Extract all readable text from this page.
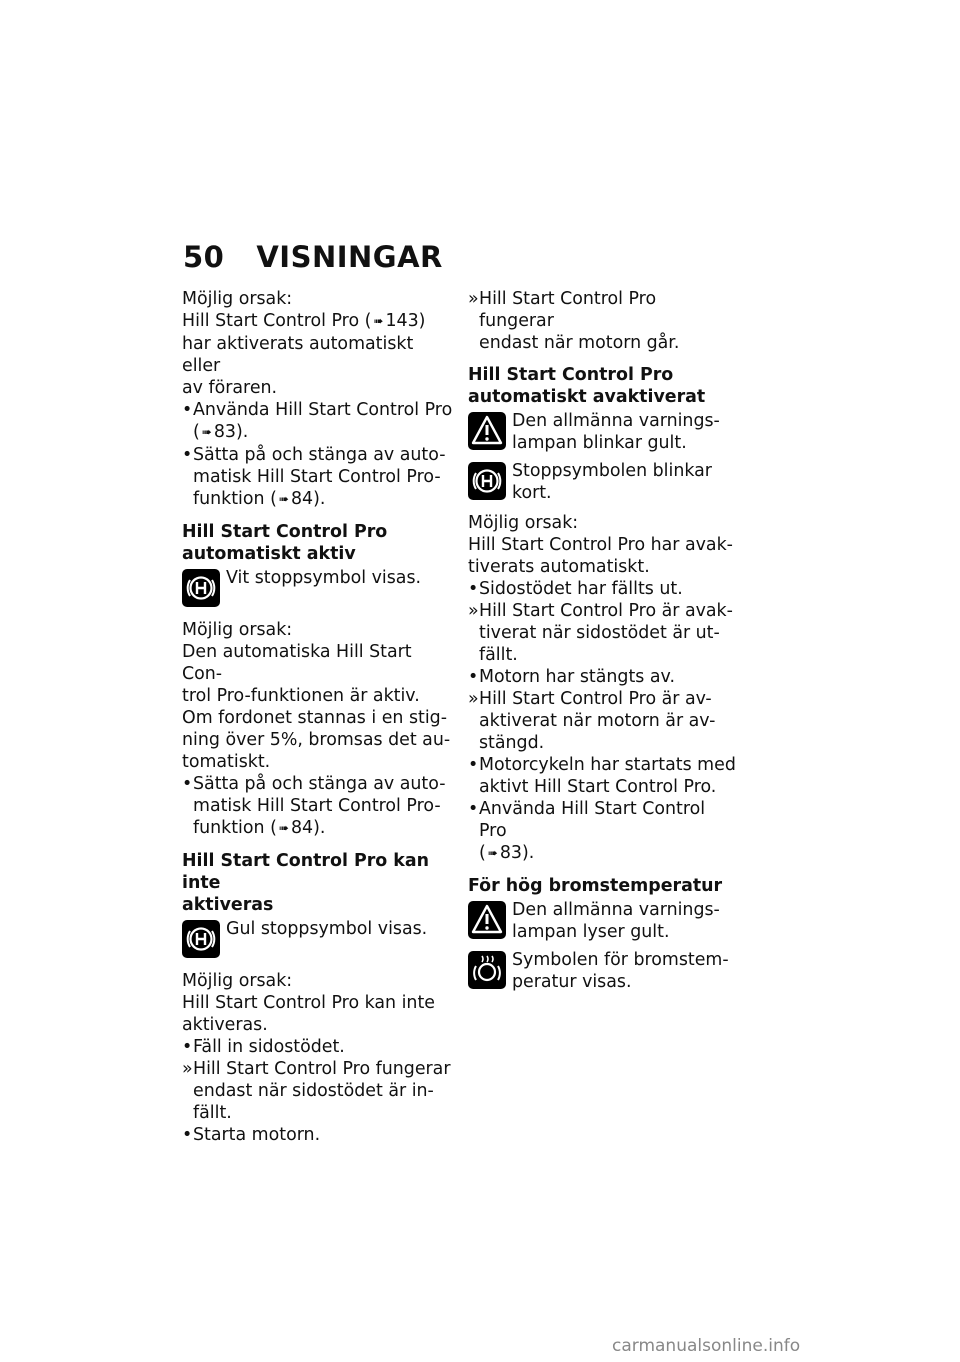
50 VISNINGAR

Möjlig orsak:

Hill Start Control Pro ( ➠ 143)
har aktiverats automatiskt eller
av föraren.

•Använda Hill Start Control Pro
( ➠ 83).

•Sätta på och stänga av auto-
matisk Hill Start Control Pro-
funktion ( ➠ 84).

Hill Start Control Pro
automatiskt aktiv

Vit stoppsymbol visas.

Möjlig orsak:

Den automatiska Hill Start Con-
trol Pro-funktionen är aktiv.

Om fordonet stannas i en stig-
ning över 5%, bromsas det au-
tomatiskt.

•Sätta på och stänga av auto-
matisk Hill Start Control Pro-
funktion ( ➠ 84).

Hill Start Control Pro kan inte
aktiveras

Gul stoppsymbol visas.

Möjlig orsak:

Hill Start Control Pro kan inte
aktiveras.

•Fäll in sidostödet.

»Hill Start Control Pro fungerar
endast när sidostödet är in-
fällt.

•Starta motorn.

»Hill Start Control Pro fungerar
endast när motorn går.

Hill Start Control Pro
automatiskt avaktiverat

Den allmänna varnings-
lampan blinkar gult.
Stoppsymbolen blinkar
kort.

Möjlig orsak:

Hill Start Control Pro har avak-
tiverats automatiskt.

•Sidostödet har fällts ut.

»Hill Start Control Pro är avak-
tiverat när sidostödet är ut-
fällt.

•Motorn har stängts av.

»Hill Start Control Pro är av-
aktiverat när motorn är av-
stängd.

•Motorcykeln har startats med
aktivt Hill Start Control Pro.

•Använda Hill Start Control Pro
( ➠ 83).

För hög bromstemperatur

Den allmänna varnings-
lampan lyser gult.
Symbolen för bromstem-
peratur visas.
carmanualsonline.info
